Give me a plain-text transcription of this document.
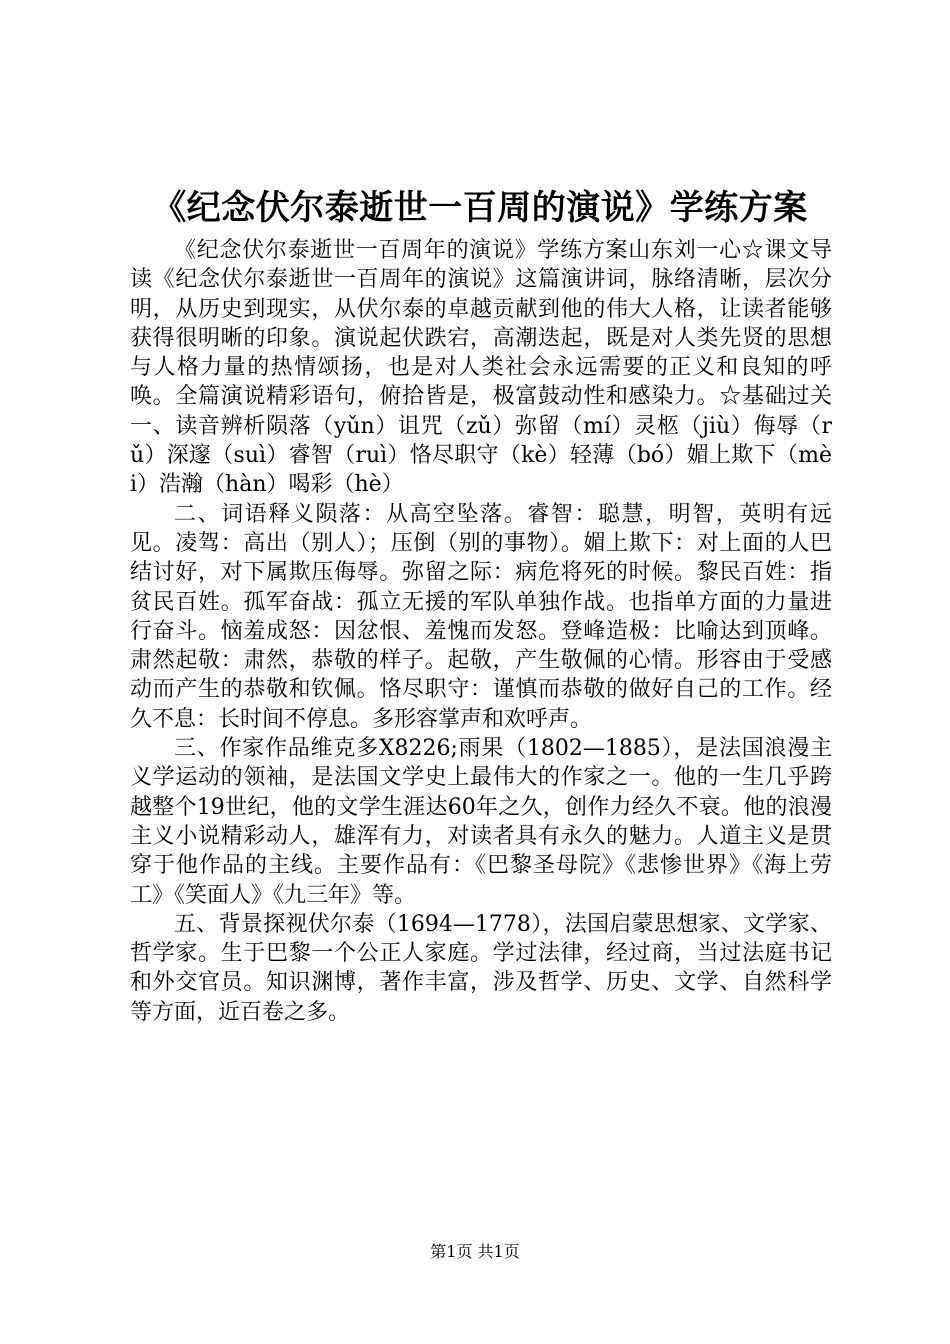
《纪念伏尔泰逝世一百周的演说》学练方案

《纪念伏尔泰逝世一百周年的演说》学练方案山东刘一心☆课文导读《纪念伏尔泰逝世一百周年的演说》这篇演讲词，脉络清晰，层次分明，从历史到现实，从伏尔泰的卓越贡献到他的伟大人格，让读者能够获得很明晰的印象。演说起伏跌宕，高潮迭起，既是对人类先贤的思想与人格力量的热情颂扬，也是对人类社会永远需要的正义和良知的呼唤。全篇演说精彩语句，俯拾皆是，极富鼓动性和感染力。☆基础过关一、读音辨析陨落（yǔn）诅咒（zǔ）弥留（mí）灵柩（jiù）侮辱（rǔ）深邃（suì）睿智（ruì）恪尽职守（kè）轻薄（bó）媚上欺下（mèi）浩瀚（hàn）喝彩（hè）

二、词语释义陨落：从高空坠落。睿智：聪慧，明智，英明有远见。凌驾：高出（别人）；压倒（别的事物）。媚上欺下：对上面的人巴结讨好，对下属欺压侮辱。弥留之际：病危将死的时候。黎民百姓：指贫民百姓。孤军奋战：孤立无援的军队单独作战。也指单方面的力量进行奋斗。恼羞成怒：因忿恨、羞愧而发怒。登峰造极：比喻达到顶峰。肃然起敬：肃然，恭敬的样子。起敬，产生敬佩的心情。形容由于受感动而产生的恭敬和钦佩。恪尽职守：谨慎而恭敬的做好自己的工作。经久不息：长时间不停息。多形容掌声和欢呼声。

三、作家作品维克多X8226;雨果（1802—1885），是法国浪漫主义学运动的领袖，是法国文学史上最伟大的作家之一。他的一生几乎跨越整个19世纪，他的文学生涯达60年之久，创作力经久不衰。他的浪漫主义小说精彩动人，雄浑有力，对读者具有永久的魅力。人道主义是贯穿于他作品的主线。主要作品有：《巴黎圣母院》《悲惨世界》《海上劳工》《笑面人》《九三年》等。

五、背景探视伏尔泰（1694—1778），法国启蒙思想家、文学家、哲学家。生于巴黎一个公正人家庭。学过法律，经过商，当过法庭书记和外交官员。知识渊博，著作丰富，涉及哲学、历史、文学、自然科学等方面，近百卷之多。

第1页 共1页
